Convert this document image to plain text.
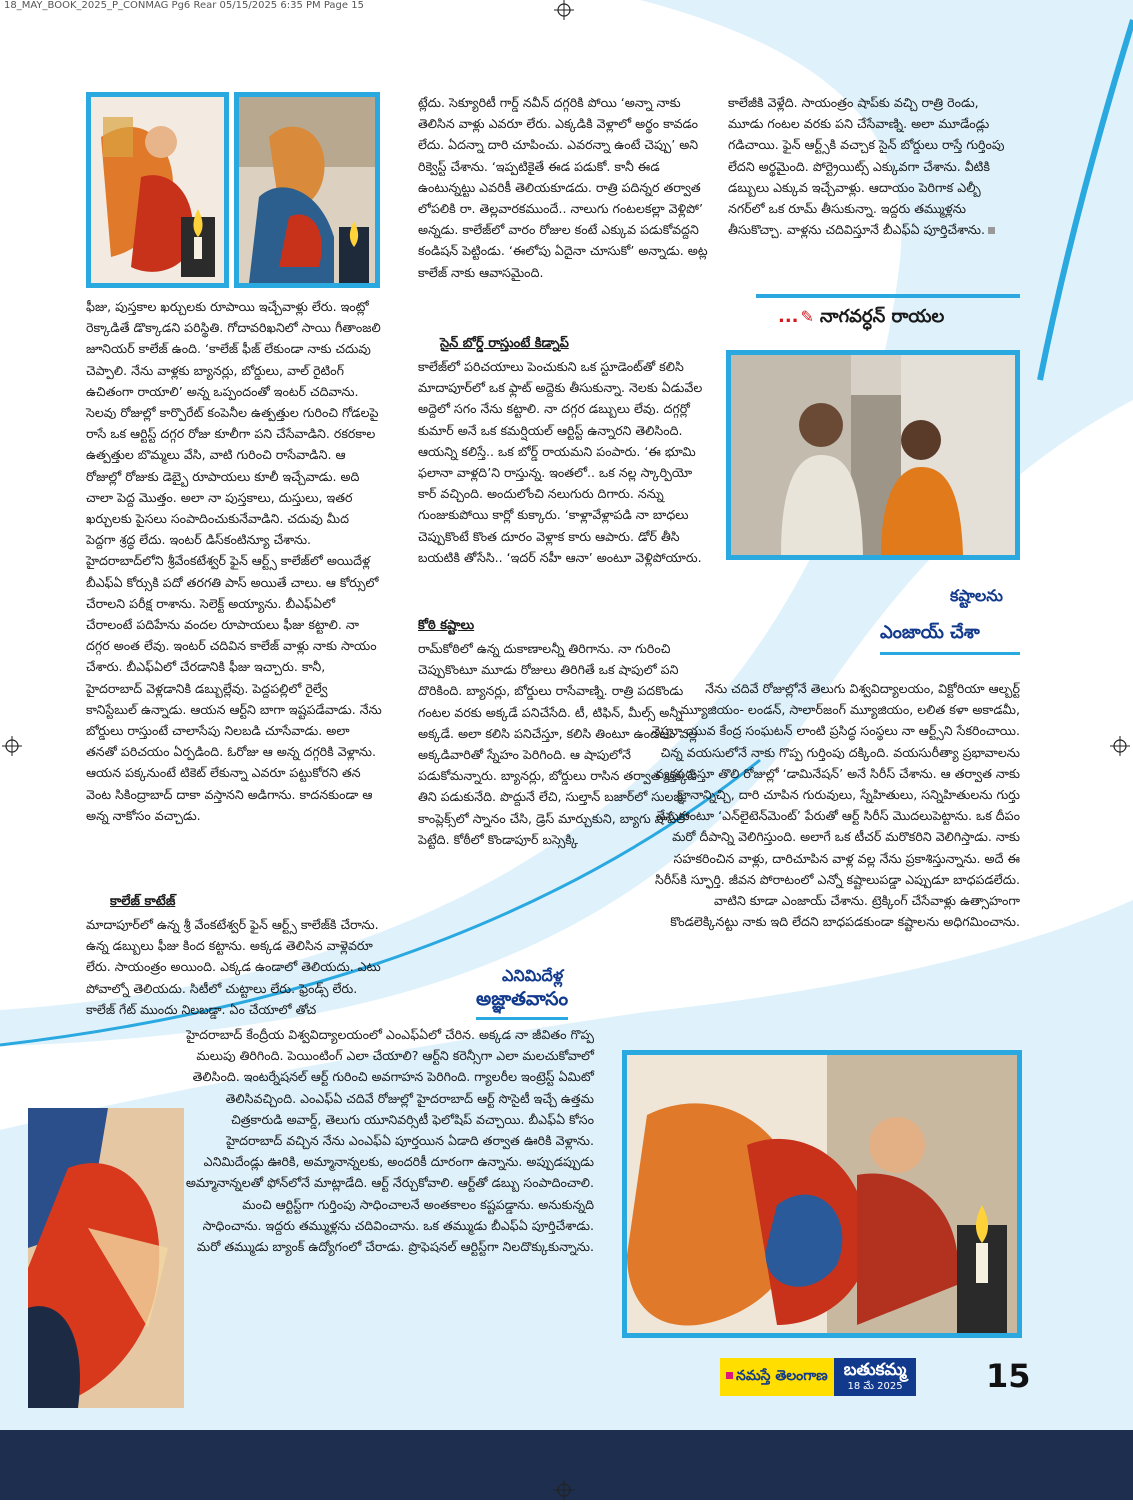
18_MAY_BOOK_2025_P_CONMAG Pg6 Rear 05/15/2025 6:35 PM Page 15

ఫీజు, పుస్తకాల ఖర్చులకు రూపాయి ఇచ్చేవాళ్లు లేరు. ఇంట్లో రెక్కాడితే డొక్కాడని పరిస్థితి. గోదావరిఖనిలో సాయి గీతాంజలి జూనియర్‌ కాలేజ్‌ ఉంది. ‘కాలేజ్‌ ఫీజ్‌ లేకుండా నాకు చదువు చెప్పాలి. నేను వాళ్లకు బ్యానర్లు, బోర్డులు, వాల్‌ రైటింగ్‌ ఉచితంగా రాయాలి’ అన్న ఒప్పందంతో ఇంటర్‌ చదివాను. సెలవు రోజుల్లో కార్పొరేట్‌ కంపెనీల ఉత్పత్తుల గురించి గోడలపై రాసే ఒక ఆర్టిస్ట్‌ దగ్గర రోజు కూలీగా పని చేసేవాడిని. రకరకాల ఉత్పత్తుల బొమ్మలు వేసి, వాటి గురించి రాసేవాడిని. ఆ రోజుల్లో రోజుకు డెబ్బై రూపాయలు కూలీ ఇచ్చేవాడు. అది చాలా పెద్ద మొత్తం. అలా నా పుస్తకాలు, దుస్తులు, ఇతర ఖర్చులకు పైసలు సంపాదించుకునేవాడిని. చదువు మీద పెద్దగా శ్రద్ధ లేదు. ఇంటర్‌ డిస్‌కంటిన్యూ చేశాను. హైదరాబాద్‌లోని శ్రీవేంకటేశ్వర్‌ ఫైన్‌ ఆర్ట్స్‌ కాలేజ్‌లో అయిదేళ్ల బీఎఫ్‌ఏ కోర్సుకి పదో తరగతి పాస్‌ అయితే చాలు. ఆ కోర్సులో చేరాలని పరీక్ష రాశాను. సెలెక్ట్‌ అయ్యాను. బీఎఫ్‌ఏలో చేరాలంటే పదిహేను వందల రూపాయలు ఫీజు కట్టాలి. నా దగ్గర అంత లేవు. ఇంటర్‌ చదివిన కాలేజ్‌ వాళ్లు నాకు సాయం చేశారు. బీఎఫ్‌ఏలో చేరడానికి ఫీజు ఇచ్చారు. కానీ, హైదరాబాద్‌ వెళ్లడానికి డబ్బుల్లేవు. పెద్దపల్లిలో రైల్వే కానిస్టేబుల్‌ ఉన్నాడు. ఆయన ఆర్ట్‌ని బాగా ఇష్టపడేవాడు. నేను బోర్డులు రాస్తుంటే చాలాసేపు నిలబడి చూసేవాడు. అలా తనతో పరిచయం ఏర్పడింది. ఓరోజు ఆ అన్న దగ్గరికి వెళ్లాను. ఆయన పక్కనుంటే టికెట్‌ లేకున్నా ఎవరూ పట్టుకోరని తన వెంట సికింద్రాబాద్‌ దాకా వస్తానని అడిగాను. కాదనకుండా ఆ అన్న నాకోసం వచ్చాడు.

కాలేజ్‌ కాటేజ్‌

మాదాపూర్‌లో ఉన్న శ్రీ వేంకటేశ్వర్‌ ఫైన్‌ ఆర్ట్స్‌ కాలేజ్‌కి చేరాను. ఉన్న డబ్బులు ఫీజు కింద కట్టాను. అక్కడ తెలిసిన వాళ్లెవరూ లేరు. సాయంత్రం అయింది. ఎక్కడ ఉండాలో తెలియదు. ఎటు పోవాల్నో తెలియదు. సిటీలో చుట్టాలు లేరు. ఫ్రెండ్స్‌ లేరు. కాలేజ్‌ గేట్‌ ముందు నిలబడ్డా. ఏం చేయాలో తోచ

ట్లేదు. సెక్యూరిటీ గార్డ్‌ నవీన్‌ దగ్గరికి పోయి ‘అన్నా నాకు తెలిసిన వాళ్లు ఎవరూ లేరు. ఎక్కడికి వెళ్లాలో అర్థం కావడం లేదు. ఏదన్నా దారి చూపించు. ఎవరన్నా ఉంటే చెప్పు’ అని రిక్వెస్ట్‌ చేశాను. ‘ఇప్పటికైతే ఈడ పడుకో. కానీ ఈడ ఉంటున్నట్టు ఎవరికీ తెలియకూడదు. రాత్రి పదిన్నర తర్వాత లోపలికి రా. తెల్లవారకముందే.. నాలుగు గంటలకల్లా వెళ్లిపో’ అన్నడు. కాలేజ్‌లో వారం రోజుల కంటే ఎక్కువ పడుకోవద్దని కండిషన్‌ పెట్టిండు. ‘ఈలోపు ఏదైనా చూసుకో’ అన్నాడు. అట్ల కాలేజ్‌ నాకు ఆవాసమైంది.

సైన్‌ బోర్డ్‌ రాస్తుంటే కిడ్నాప్‌

కాలేజ్‌లో పరిచయాలు పెంచుకుని ఒక స్టూడెంట్‌తో కలిసి మాదాపూర్‌లో ఒక ఫ్లాట్‌ అద్దెకు తీసుకున్నా. నెలకు ఏడువేల అద్దెలో సగం నేను కట్టాలి. నా దగ్గర డబ్బులు లేవు. దగ్గర్లో కుమార్‌ అనే ఒక కమర్షియల్‌ ఆర్టిస్ట్‌ ఉన్నారని తెలిసింది. ఆయన్ని కలిస్తే.. ఒక బోర్డ్‌ రాయమని పంపారు. ‘ఈ భూమి ఫలానా వాళ్లది’ని రాస్తున్న. ఇంతలో.. ఒక నల్ల స్కార్పియో కార్‌ వచ్చింది. అందులోంచి నలుగురు దిగారు. నన్ను గుంజుకుపోయి కార్లో కుక్కారు. ‘కాళ్లావేళ్లాపడి నా బాధలు చెప్పుకొంటే కొంత దూరం వెళ్లాక కారు ఆపారు. డోర్‌ తీసి బయటికి తోసేసి.. ‘ఇదర్‌ నహీ ఆనా’ అంటూ వెళ్లిపోయారు.

కోఠి కష్టాలు

రామ్‌కోఠిలో ఉన్న దుకాణాలన్నీ తిరిగాను. నా గురించి చెప్పుకొంటూ మూడు రోజులు తిరిగితే ఒక షాపులో పని దొరికింది. బ్యానర్లు, బోర్డులు రాసేవాణ్ని. రాత్రి పదకొండు గంటల వరకు అక్కడే పనిచేసేది. టీ, టిఫిన్‌, మీల్స్‌ అన్నీ అక్కడే. అలా కలిసి పనిచేస్తూ, కలిసి తింటూ ఉండటం వల్ల అక్కడివారితో స్నేహం పెరిగింది. ఆ షాపులోనే పడుకోమన్నారు. బ్యానర్లు, బోర్డులు రాసిన తర్వాత అక్కడే తిని పడుకునేది. పొద్దునే లేచి, సుల్తాన్‌ బజార్‌లో సులభ్‌ కాంప్లెక్స్‌లో స్నానం చేసి, డ్రెస్‌ మార్చుకుని, బ్యాగు షాప్‌లో పెట్టేది. కోఠీలో కొండాపూర్‌ బస్సెక్కి

కాలేజీకి వెళ్లేది. సాయంత్రం షాప్‌కు వచ్చి రాత్రి రెండు, మూడు గంటల వరకు పని చేసేవాణ్ని. అలా మూడేండ్లు గడిచాయి. ఫైన్‌ ఆర్ట్స్‌కి వచ్చాక సైన్‌ బోర్డులు రాస్తే గుర్తింపు లేదని అర్థమైంది. పోర్ట్రెయిట్స్‌ ఎక్కువగా చేశాను. వీటికి డబ్బులు ఎక్కువ ఇచ్చేవాళ్లు. ఆదాయం పెరిగాక ఎల్బీ నగర్‌లో ఒక రూమ్‌ తీసుకున్నా. ఇద్దరు తమ్ముళ్లను తీసుకొచ్చా. వాళ్లను చదివిస్తూనే బీఎఫ్‌ఏ పూర్తిచేశాను.

... ✎ నాగవర్ధన్‌ రాయల
కష్టాలను
ఎంజాయ్‌ చేశా

నేను చదివే రోజుల్లోనే తెలుగు విశ్వవిద్యాలయం, విక్టోరియా ఆల్బర్ట్‌ మ్యూజియం- లండన్‌, సాలార్‌జంగ్‌ మ్యూజియం, లలిత కళా అకాడమీ, నెహ్రూ యువ కేంద్ర సంఘటన్‌ లాంటి ప్రసిద్ధ సంస్థలు నా ఆర్ట్స్‌ని సేకరించాయి. చిన్న వయసులోనే నాకు గొప్ప గుర్తింపు దక్కింది. వయసురీత్యా ప్రభావాలను వ్యక్తపరుస్తూ తొలి రోజుల్లో ‘డామినేషన్‌’ అనే సిరీస్‌ చేశాను. ఆ తర్వాత నాకు జ్ఞానాన్నిచ్చి, దారి చూపిన గురువులు, స్నేహితులు, సన్నిహితులను గుర్తు చేసుకుంటూ ‘ఎన్‌లైటెన్‌మెంట్‌’ పేరుతో ఆర్ట్‌ సిరీస్‌ మొదలుపెట్టాను. ఒక దీపం మరో దీపాన్ని వెలిగిస్తుంది. అలాగే ఒక టీచర్‌ మరొకరిని వెలిగిస్తాడు. నాకు సహకరించిన వాళ్లు, దారిచూపిన వాళ్ల వల్ల నేను ప్రకాశిస్తున్నాను. అదే ఈ సిరీస్‌కి స్ఫూర్తి. జీవన పోరాటంలో ఎన్నో కష్టాలుపడ్డా ఎప్పుడూ బాధపడలేదు. వాటిని కూడా ఎంజాయ్‌ చేశాను. ట్రెక్కింగ్‌ చేసేవాళ్లు ఉత్సాహంగా కొండలెక్కినట్టు నాకు ఇది లేదని బాధపడకుండా కష్టాలను అధిగమించాను.

ఎనిమిదేళ్ల
అజ్ఞాతవాసం

హైదరాబాద్‌ కేంద్రీయ విశ్వవిద్యాలయంలో ఎంఎఫ్‌ఏలో చేరిన. అక్కడ నా జీవితం గొప్ప మలుపు తిరిగింది. పెయింటింగ్‌ ఎలా చేయాలి? ఆర్ట్‌ని కరెన్సీగా ఎలా మలచుకోవాలో తెలిసింది. ఇంటర్నేషనల్‌ ఆర్ట్‌ గురించి అవగాహన పెరిగింది. గ్యాలరీల ఇంట్రెస్ట్‌ ఏమిటో తెలిసివచ్చింది. ఎంఎఫ్‌ఏ చదివే రోజుల్లో హైదరాబాద్‌ ఆర్ట్‌ సొసైటీ ఇచ్చే ఉత్తమ చిత్రకారుడి అవార్డ్‌, తెలుగు యూనివర్సిటీ ఫెలోషిప్‌ వచ్చాయి. బీఎఫ్‌ఏ కోసం హైదరాబాద్‌ వచ్చిన నేను ఎంఎఫ్‌ఏ పూర్తయిన ఏడాది తర్వాత ఊరికి వెళ్లాను. ఎనిమిదేండ్లు ఊరికి, అమ్మానాన్నలకు, అందరికీ దూరంగా ఉన్నాను. అప్పుడప్పుడు అమ్మానాన్నలతో ఫోన్‌లోనే మాట్లాడేది. ఆర్ట్‌ నేర్చుకోవాలి. ఆర్ట్‌తో డబ్బు సంపాదించాలి. మంచి ఆర్టిస్ట్‌గా గుర్తింపు సాధించాలనే అంతకాలం కష్టపడ్డాను. అనుకున్నది సాధించాను. ఇద్దరు తమ్ముళ్లను చదివించాను. ఒక తమ్ముడు బీఎఫ్‌ఏ పూర్తిచేశాడు. మరో తమ్ముడు బ్యాంక్‌ ఉద్యోగంలో చేరాడు. ప్రొఫెషనల్‌ ఆర్టిస్ట్‌గా నిలదొక్కుకున్నాను.

నమస్తే తెలంగాణ బతుకమ్మ
18 మే 2025	15
